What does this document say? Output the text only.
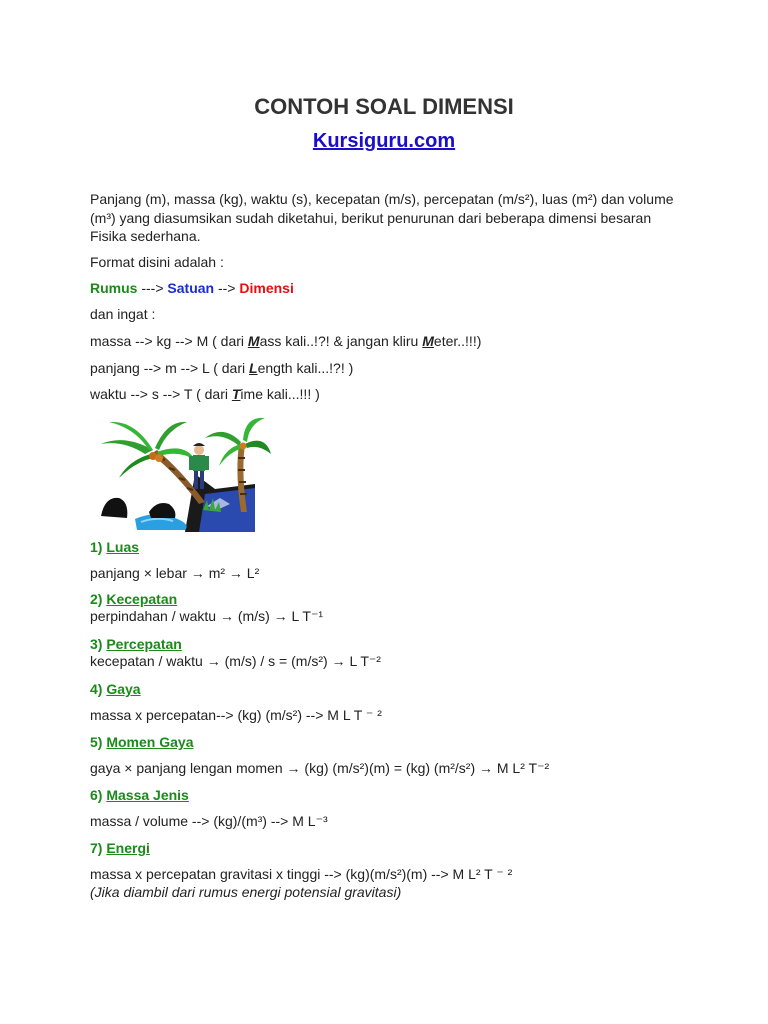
CONTOH SOAL DIMENSI
Kursiguru.com
Panjang (m), massa (kg), waktu (s), kecepatan (m/s), percepatan (m/s²), luas (m²) dan volume (m³) yang diasumsikan sudah diketahui, berikut penurunan dari beberapa dimensi besaran Fisika sederhana.
Format disini adalah :
Rumus ---> Satuan --> Dimensi
dan ingat :
massa --> kg --> M ( dari Mass kali..!?! & jangan kliru Meter..!!!)
panjang --> m --> L ( dari Length kali...!?! )
waktu --> s --> T ( dari Time kali...!!! )
1) Luas
panjang × lebar → m² → L²
2) Kecepatan
perpindahan / waktu → (m/s) → L T⁻¹
3) Percepatan
kecepatan / waktu → (m/s) / s = (m/s²) → L T⁻²
4) Gaya
massa x percepatan--> (kg) (m/s²) --> M L T ⁻ ²
5) Momen Gaya
gaya × panjang lengan momen → (kg) (m/s²)(m) = (kg) (m²/s²) → M L² T⁻²
6) Massa Jenis
massa / volume --> (kg)/(m³) --> M L⁻³
7) Energi
massa x percepatan gravitasi x tinggi --> (kg)(m/s²)(m) --> M L² T ⁻ ²
(Jika diambil dari rumus energi potensial gravitasi)
